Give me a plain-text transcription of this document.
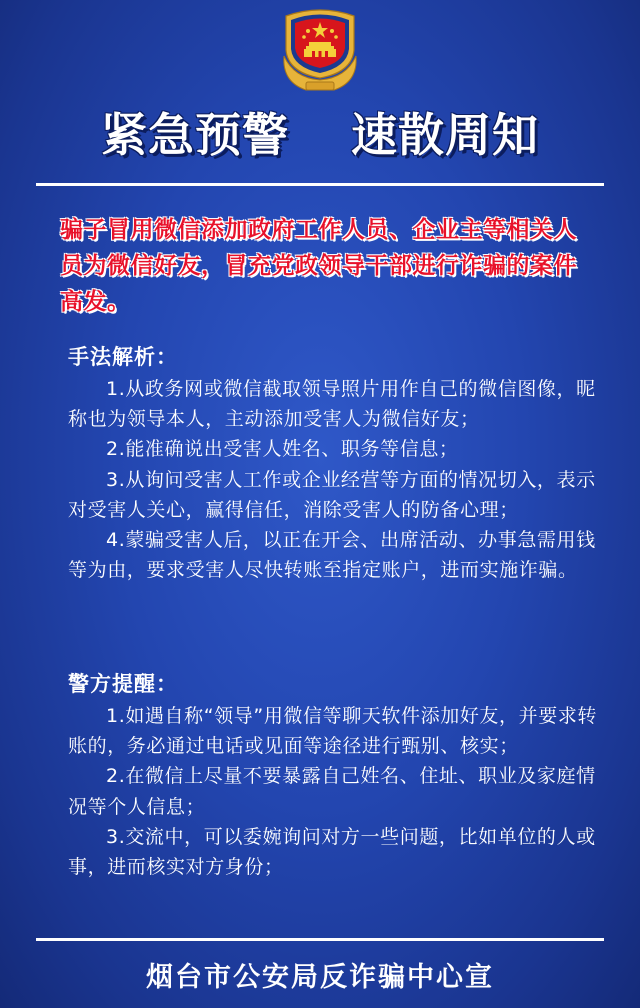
紧急预警 速散周知

骗子冒用微信添加政府工作人员、企业主等相关人员为微信好友，冒充党政领导干部进行诈骗的案件高发。

手法解析：

1.从政务网或微信截取领导照片用作自己的微信图像，昵称也为领导本人，主动添加受害人为微信好友；

2.能准确说出受害人姓名、职务等信息；

3.从询问受害人工作或企业经营等方面的情况切入，表示对受害人关心，赢得信任，消除受害人的防备心理；

4.蒙骗受害人后，以正在开会、出席活动、办事急需用钱等为由，要求受害人尽快转账至指定账户，进而实施诈骗。

警方提醒：

1.如遇自称“领导”用微信等聊天软件添加好友，并要求转账的，务必通过电话或见面等途径进行甄别、核实；

2.在微信上尽量不要暴露自己姓名、住址、职业及家庭情况等个人信息；

3.交流中，可以委婉询问对方一些问题，比如单位的人或事，进而核实对方身份；

烟台市公安局反诈骗中心宣
